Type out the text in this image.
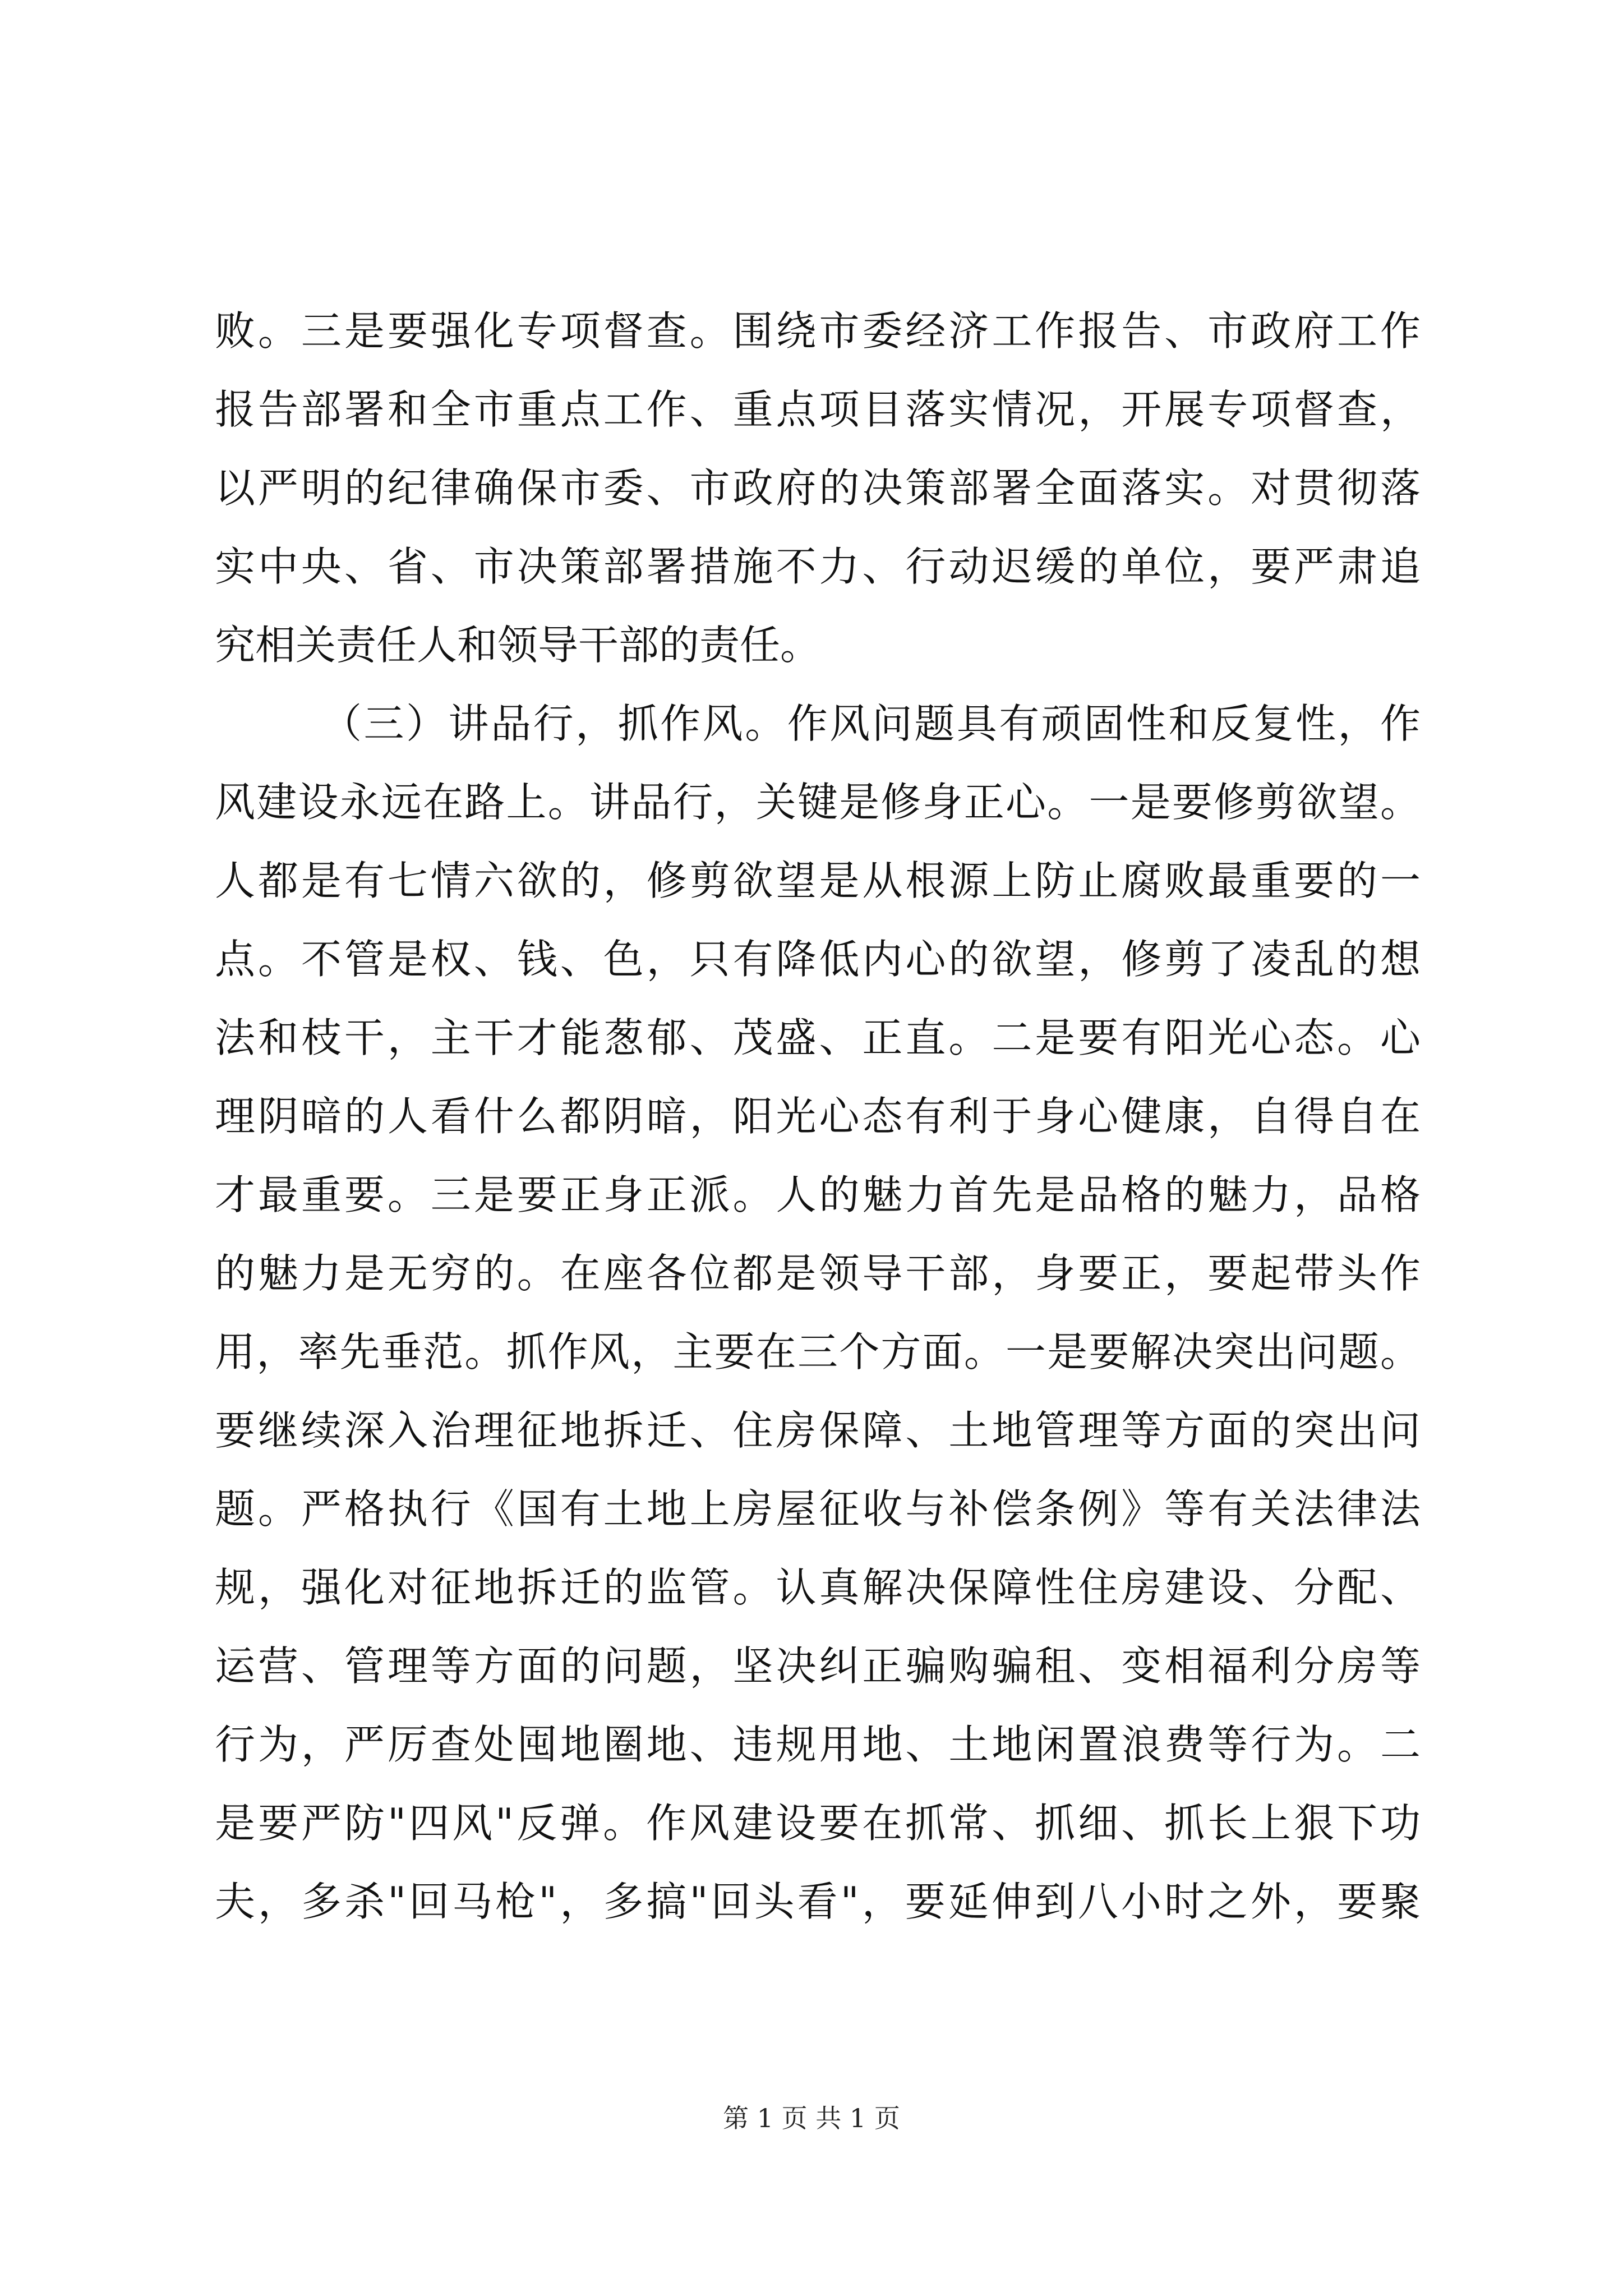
败。三是要强化专项督查。围绕市委经济工作报告、市政府工作
报告部署和全市重点工作、重点项目落实情况，开展专项督查，
以严明的纪律确保市委、市政府的决策部署全面落实。对贯彻落
实中央、省、市决策部署措施不力、行动迟缓的单位，要严肃追
究相关责任人和领导干部的责任。
（三）讲品行，抓作风。作风问题具有顽固性和反复性，作
风建设永远在路上。讲品行，关键是修身正心。一是要修剪欲望。
人都是有七情六欲的，修剪欲望是从根源上防止腐败最重要的一
点。不管是权、钱、色，只有降低内心的欲望，修剪了凌乱的想
法和枝干，主干才能葱郁、茂盛、正直。二是要有阳光心态。心
理阴暗的人看什么都阴暗，阳光心态有利于身心健康，自得自在
才最重要。三是要正身正派。人的魅力首先是品格的魅力，品格
的魅力是无穷的。在座各位都是领导干部，身要正，要起带头作
用，率先垂范。抓作风，主要在三个方面。一是要解决突出问题。
要继续深入治理征地拆迁、住房保障、土地管理等方面的突出问
题。严格执行《国有土地上房屋征收与补偿条例》等有关法律法
规，强化对征地拆迁的监管。认真解决保障性住房建设、分配、
运营、管理等方面的问题，坚决纠正骗购骗租、变相福利分房等
行为，严厉查处囤地圈地、违规用地、土地闲置浪费等行为。二
是要严防"四风"反弹。作风建设要在抓常、抓细、抓长上狠下功
夫，多杀"回马枪"，多搞"回头看"，要延伸到八小时之外，要聚
第 1 页 共 1 页
